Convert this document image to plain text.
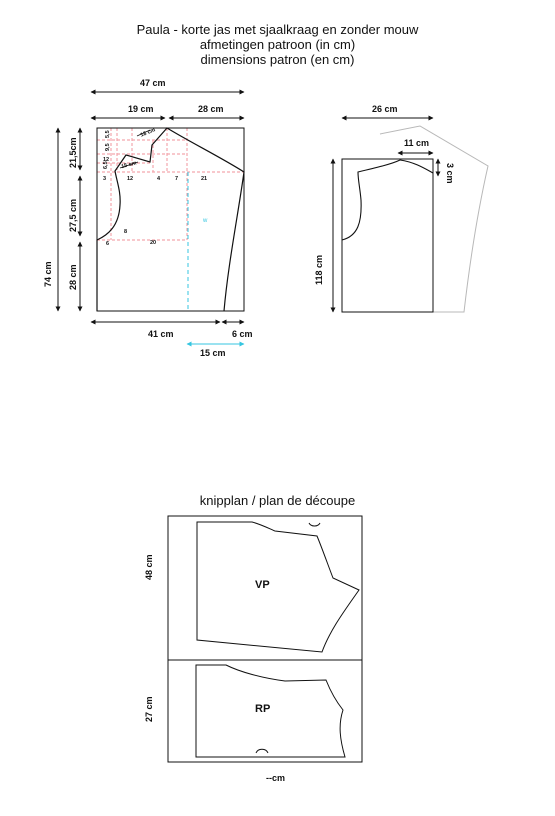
Paula - korte jas met sjaalkraag en zonder mouw
afmetingen patroon (in cm)
dimensions patron (en cm)
w
9,5
5,5
6,5
3	12	4	7	21
8
6	20
18 cm
15 cm
12
47 cm
19 cm	28 cm
21,5cm
27,5 cm
28 cm
74 cm
41 cm	6 cm
15 cm
26 cm
11 cm
3 cm
118 cm
VP
RP
48 cm
27 cm
--cm
knipplan / plan de découpe
